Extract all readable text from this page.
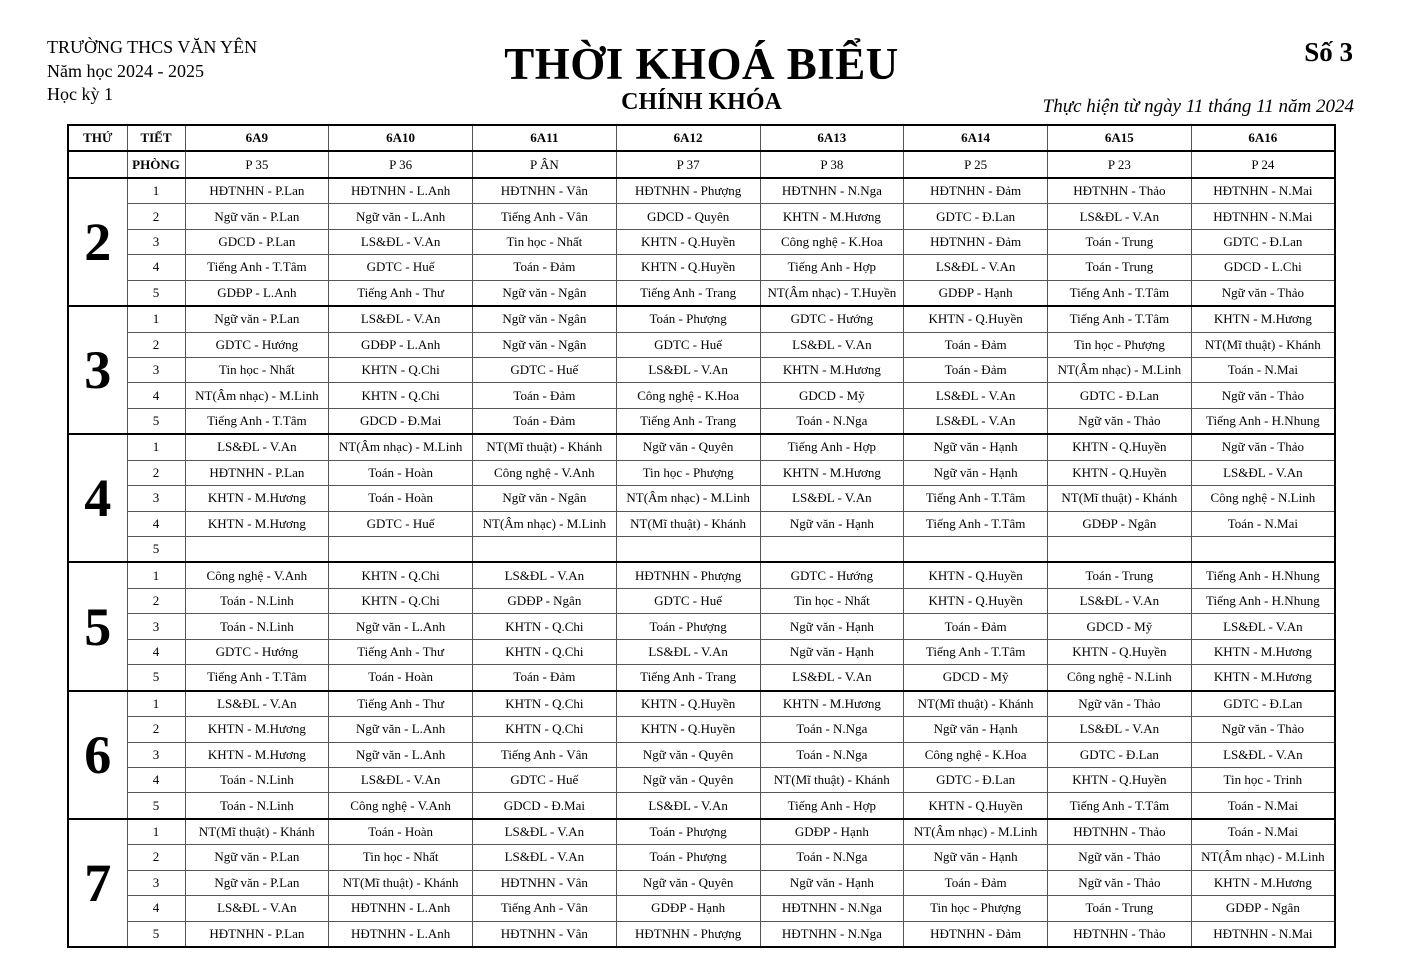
TRƯỜNG THCS VĂN YÊN
Năm học 2024 - 2025
Học kỳ 1
THỜI KHOÁ BIỂU
CHÍNH KHÓA
Số 3
Thực hiện từ ngày 11 tháng 11 năm 2024
THỨ	TIẾT	6A9	6A10	6A11	6A12	6A13	6A14	6A15	6A16
	PHÒNG	P 35	P 36	P ÂN	P 37	P 38	P 25	P 23	P 24
2	1	HĐTNHN - P.Lan	HĐTNHN - L.Anh	HĐTNHN - Vân	HĐTNHN - Phượng	HĐTNHN - N.Nga	HĐTNHN - Đảm	HĐTNHN - Thảo	HĐTNHN - N.Mai
	2	Ngữ văn - P.Lan	Ngữ văn - L.Anh	Tiếng Anh - Vân	GDCD - Quyên	KHTN - M.Hương	GDTC - Đ.Lan	LS&ĐL - V.An	HĐTNHN - N.Mai
	3	GDCD - P.Lan	LS&ĐL - V.An	Tin học - Nhất	KHTN - Q.Huyền	Công nghệ - K.Hoa	HĐTNHN - Đảm	Toán - Trung	GDTC - Đ.Lan
	4	Tiếng Anh - T.Tâm	GDTC - Huế	Toán - Đảm	KHTN - Q.Huyền	Tiếng Anh - Hợp	LS&ĐL - V.An	Toán - Trung	GDCD - L.Chi
	5	GDĐP - L.Anh	Tiếng Anh - Thư	Ngữ văn - Ngân	Tiếng Anh - Trang	NT(Âm nhạc) - T.Huyền	GDĐP - Hạnh	Tiếng Anh - T.Tâm	Ngữ văn - Thảo
3	1	Ngữ văn - P.Lan	LS&ĐL - V.An	Ngữ văn - Ngân	Toán - Phượng	GDTC - Hướng	KHTN - Q.Huyền	Tiếng Anh - T.Tâm	KHTN - M.Hương
	2	GDTC - Hướng	GDĐP - L.Anh	Ngữ văn - Ngân	GDTC - Huế	LS&ĐL - V.An	Toán - Đảm	Tin học - Phượng	NT(Mĩ thuật) - Khánh
	3	Tin học - Nhất	KHTN - Q.Chi	GDTC - Huế	LS&ĐL - V.An	KHTN - M.Hương	Toán - Đảm	NT(Âm nhạc) - M.Linh	Toán - N.Mai
	4	NT(Âm nhạc) - M.Linh	KHTN - Q.Chi	Toán - Đảm	Công nghệ - K.Hoa	GDCD - Mỹ	LS&ĐL - V.An	GDTC - Đ.Lan	Ngữ văn - Thảo
	5	Tiếng Anh - T.Tâm	GDCD - Đ.Mai	Toán - Đảm	Tiếng Anh - Trang	Toán - N.Nga	LS&ĐL - V.An	Ngữ văn - Thảo	Tiếng Anh - H.Nhung
4	1	LS&ĐL - V.An	NT(Âm nhạc) - M.Linh	NT(Mĩ thuật) - Khánh	Ngữ văn - Quyên	Tiếng Anh - Hợp	Ngữ văn - Hạnh	KHTN - Q.Huyền	Ngữ văn - Thảo
	2	HĐTNHN - P.Lan	Toán - Hoàn	Công nghệ - V.Anh	Tin học - Phượng	KHTN - M.Hương	Ngữ văn - Hạnh	KHTN - Q.Huyền	LS&ĐL - V.An
	3	KHTN - M.Hương	Toán - Hoàn	Ngữ văn - Ngân	NT(Âm nhạc) - M.Linh	LS&ĐL - V.An	Tiếng Anh - T.Tâm	NT(Mĩ thuật) - Khánh	Công nghệ - N.Linh
	4	KHTN - M.Hương	GDTC - Huế	NT(Âm nhạc) - M.Linh	NT(Mĩ thuật) - Khánh	Ngữ văn - Hạnh	Tiếng Anh - T.Tâm	GDĐP - Ngân	Toán - N.Mai
	5								
5	1	Công nghệ - V.Anh	KHTN - Q.Chi	LS&ĐL - V.An	HĐTNHN - Phượng	GDTC - Hướng	KHTN - Q.Huyền	Toán - Trung	Tiếng Anh - H.Nhung
	2	Toán - N.Linh	KHTN - Q.Chi	GDĐP - Ngân	GDTC - Huế	Tin học - Nhất	KHTN - Q.Huyền	LS&ĐL - V.An	Tiếng Anh - H.Nhung
	3	Toán - N.Linh	Ngữ văn - L.Anh	KHTN - Q.Chi	Toán - Phượng	Ngữ văn - Hạnh	Toán - Đảm	GDCD - Mỹ	LS&ĐL - V.An
	4	GDTC - Hướng	Tiếng Anh - Thư	KHTN - Q.Chi	LS&ĐL - V.An	Ngữ văn - Hạnh	Tiếng Anh - T.Tâm	KHTN - Q.Huyền	KHTN - M.Hương
	5	Tiếng Anh - T.Tâm	Toán - Hoàn	Toán - Đảm	Tiếng Anh - Trang	LS&ĐL - V.An	GDCD - Mỹ	Công nghệ - N.Linh	KHTN - M.Hương
6	1	LS&ĐL - V.An	Tiếng Anh - Thư	KHTN - Q.Chi	KHTN - Q.Huyền	KHTN - M.Hương	NT(Mĩ thuật) - Khánh	Ngữ văn - Thảo	GDTC - Đ.Lan
	2	KHTN - M.Hương	Ngữ văn - L.Anh	KHTN - Q.Chi	KHTN - Q.Huyền	Toán - N.Nga	Ngữ văn - Hạnh	LS&ĐL - V.An	Ngữ văn - Thảo
	3	KHTN - M.Hương	Ngữ văn - L.Anh	Tiếng Anh - Vân	Ngữ văn - Quyên	Toán - N.Nga	Công nghệ - K.Hoa	GDTC - Đ.Lan	LS&ĐL - V.An
	4	Toán - N.Linh	LS&ĐL - V.An	GDTC - Huế	Ngữ văn - Quyên	NT(Mĩ thuật) - Khánh	GDTC - Đ.Lan	KHTN - Q.Huyền	Tin học - Trinh
	5	Toán - N.Linh	Công nghệ - V.Anh	GDCD - Đ.Mai	LS&ĐL - V.An	Tiếng Anh - Hợp	KHTN - Q.Huyền	Tiếng Anh - T.Tâm	Toán - N.Mai
7	1	NT(Mĩ thuật) - Khánh	Toán - Hoàn	LS&ĐL - V.An	Toán - Phượng	GDĐP - Hạnh	NT(Âm nhạc) - M.Linh	HĐTNHN - Thảo	Toán - N.Mai
	2	Ngữ văn - P.Lan	Tin học - Nhất	LS&ĐL - V.An	Toán - Phượng	Toán - N.Nga	Ngữ văn - Hạnh	Ngữ văn - Thảo	NT(Âm nhạc) - M.Linh
	3	Ngữ văn - P.Lan	NT(Mĩ thuật) - Khánh	HĐTNHN - Vân	Ngữ văn - Quyên	Ngữ văn - Hạnh	Toán - Đảm	Ngữ văn - Thảo	KHTN - M.Hương
	4	LS&ĐL - V.An	HĐTNHN - L.Anh	Tiếng Anh - Vân	GDĐP - Hạnh	HĐTNHN - N.Nga	Tin học - Phượng	Toán - Trung	GDĐP - Ngân
	5	HĐTNHN - P.Lan	HĐTNHN - L.Anh	HĐTNHN - Vân	HĐTNHN - Phượng	HĐTNHN - N.Nga	HĐTNHN - Đảm	HĐTNHN - Thảo	HĐTNHN - N.Mai
